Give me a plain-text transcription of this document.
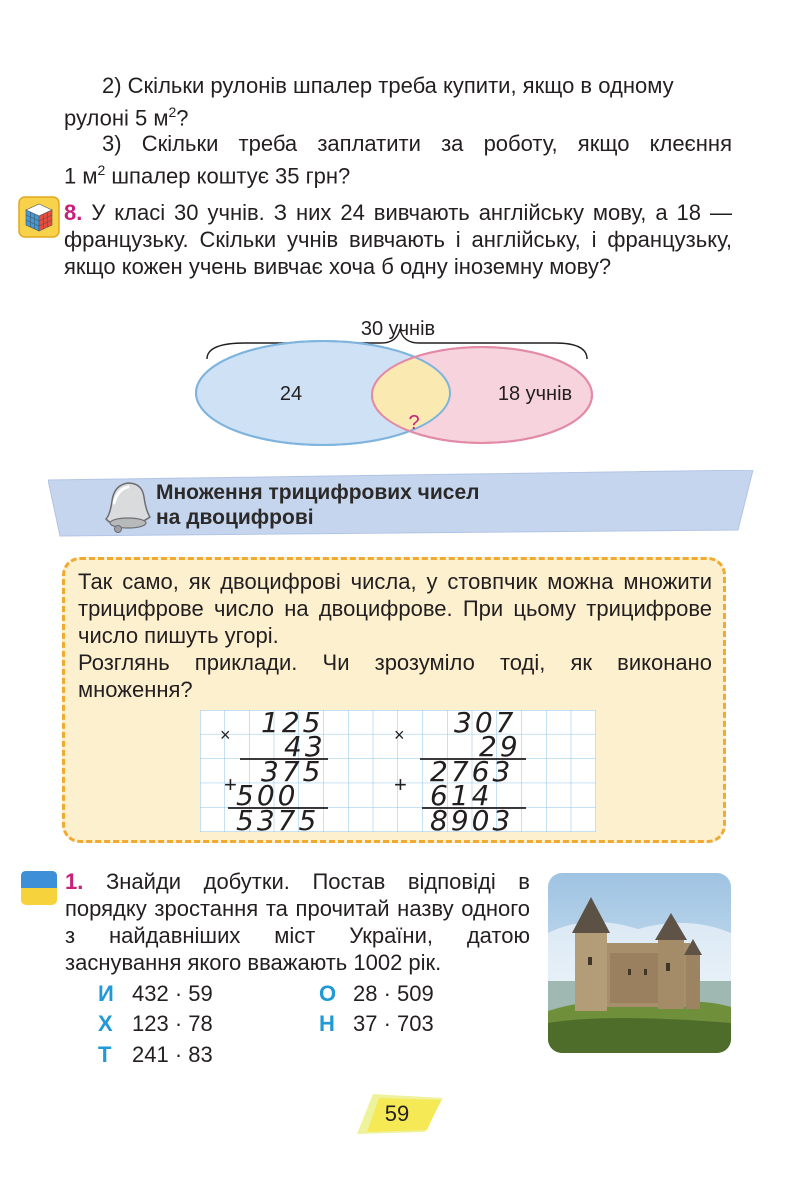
2) Скільки рулонів шпалер треба купити, якщо в одному
рулоні 5 $м^2$?
3) Скільки треба заплатити за роботу, якщо клеєння
1 $м^2$ шпалер коштує 35 грн?
8. У класі 30 учнів. З них 24 вивчають англійську мову, а 18 — французьку. Скільки учнів вивчають і англійську, і французьку, якщо кожен учень вивчає хоча б одну іноземну мову?
30 учнів
24	18 учнів
?
Множення трицифрових чисел
на двоцифрові
Так само, як двоцифрові числа, у стовпчик можна множити трицифрове число на двоцифрове. При цьому трицифрове число пишуть угорі.
Розглянь приклади. Чи зрозуміло тоді, як виконано множення?
×
+
125
43
375
500
5375
×
+
307
29
2763
614
8903
1. Знайди добутки. Постав відповіді в порядку зростання та прочитай назву одного з найдавніших міст України, датою заснування якого вважають 1002 рік.
И 432 · 59	О 28 · 509
Х 123 · 78	Н 37 · 703
Т 241 · 83
59
